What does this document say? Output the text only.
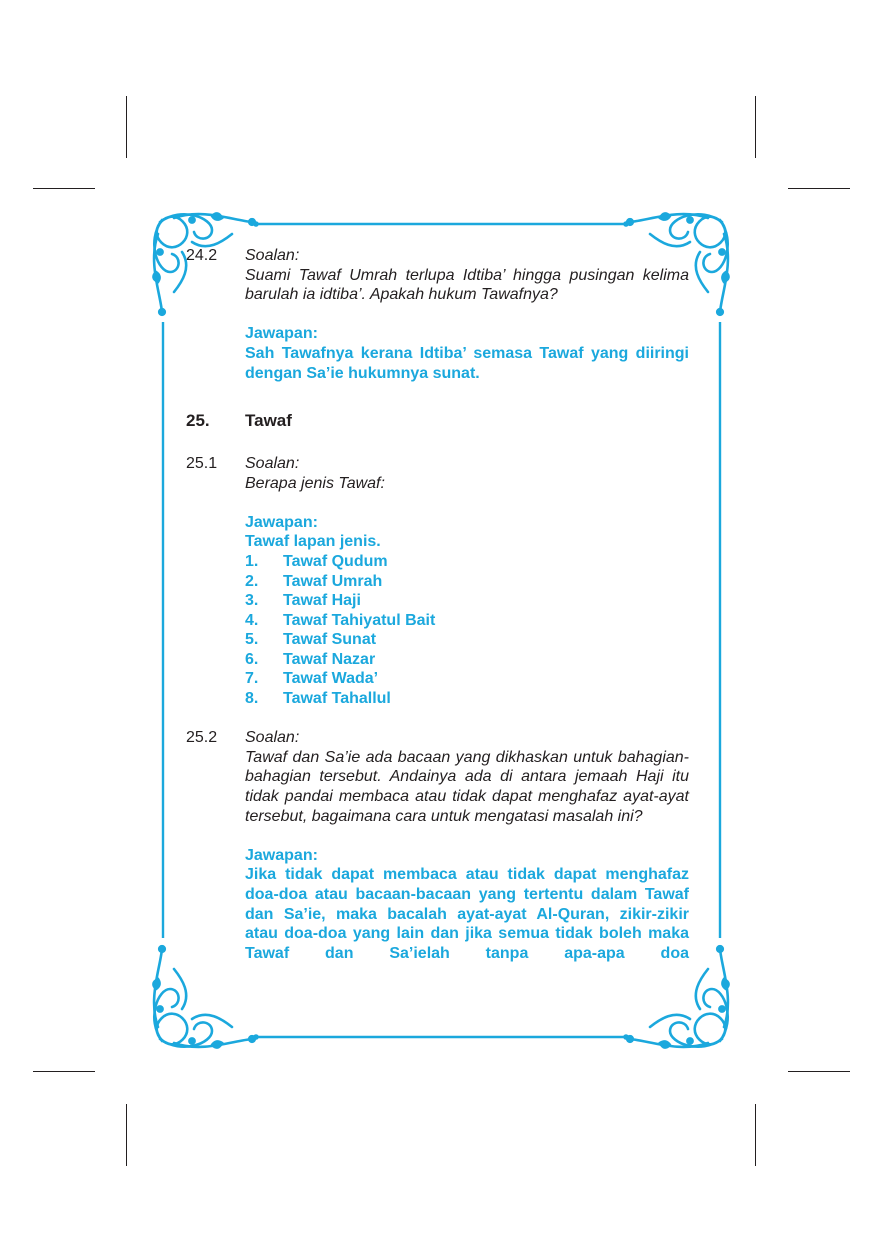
24.2	Soalan:
Suami Tawaf Umrah terlupa Idtiba’ hingga pusingan kelima barulah ia idtiba’. Apakah hukum Tawafnya?
Jawapan:
Sah Tawafnya kerana Idtiba’ semasa Tawaf yang diiringi dengan Sa’ie hukumnya sunat.
25.	Tawaf
25.1	Soalan:
Berapa jenis Tawaf:
Jawapan:
Tawaf lapan jenis.
1.	Tawaf Qudum
2.	Tawaf Umrah
3.	Tawaf Haji
4.	Tawaf Tahiyatul Bait
5.	Tawaf Sunat
6.	Tawaf Nazar
7.	Tawaf Wada’
8.	Tawaf Tahallul
25.2	Soalan:
Tawaf dan Sa’ie ada bacaan yang dikhaskan untuk bahagian-bahagian tersebut. Andainya ada di antara jemaah Haji itu tidak pandai membaca atau tidak dapat menghafaz ayat-ayat tersebut, bagaimana cara untuk mengatasi masalah ini?
Jawapan:
Jika tidak dapat membaca atau tidak dapat menghafaz doa-doa atau bacaan-bacaan yang tertentu dalam Tawaf dan Sa’ie, maka bacalah ayat-ayat Al-Quran, zikir-zikir atau doa-doa yang lain dan jika semua tidak boleh maka Tawaf dan Sa’ielah tanpa apa-apa doa
